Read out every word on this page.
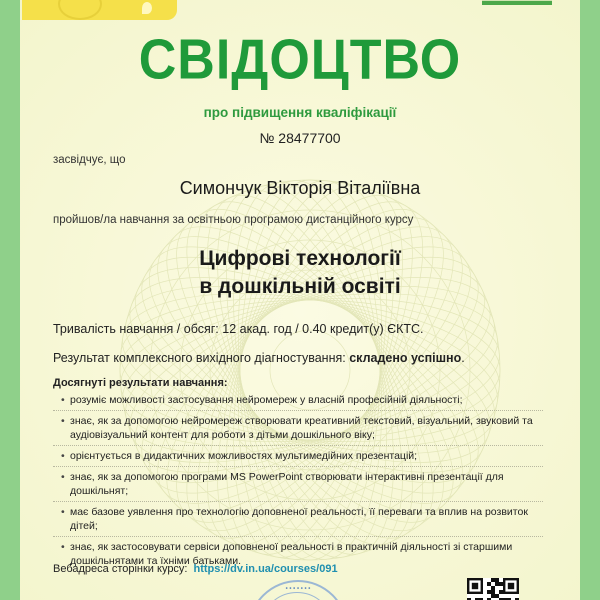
▬▬▬▬▬
СВІДОЦТВО
про підвищення кваліфікації
№ 28477700
засвідчує, що
Симончук Вікторія Віталіївна
пройшов/ла навчання за освітньою програмою дистанційного курсу
Цифрові технології
в дошкільній освіті
Тривалість навчання / обсяг: 12 акад. год / 0.40 кредит(у) ЄКТС.
Результат комплексного вихідного діагностування: складено успішно.
Досягнуті результати навчання:
• розуміє можливості застосування нейромереж у власній професійній діяльності;
• знає, як за допомогою нейромереж створювати креативний текстовий, візуальний, звуковий та аудіовізуальний контент для роботи з дітьми дошкільного віку;
• орієнтується в дидактичних можливостях мультимедійних презентацій;
• знає, як за допомогою програми MS PowerPoint створювати інтерактивні презентації для дошкільнят;
• має базове уявлення про технологію доповненої реальності, її переваги та вплив на розвиток дітей;
• знає, як застосовувати сервіси доповненої реальності в практичній діяльності зі старшими дошкільнятами та їхніми батьками.
Вебадреса сторінки курсу: https://dv.in.ua/courses/091
• • • • • • •
